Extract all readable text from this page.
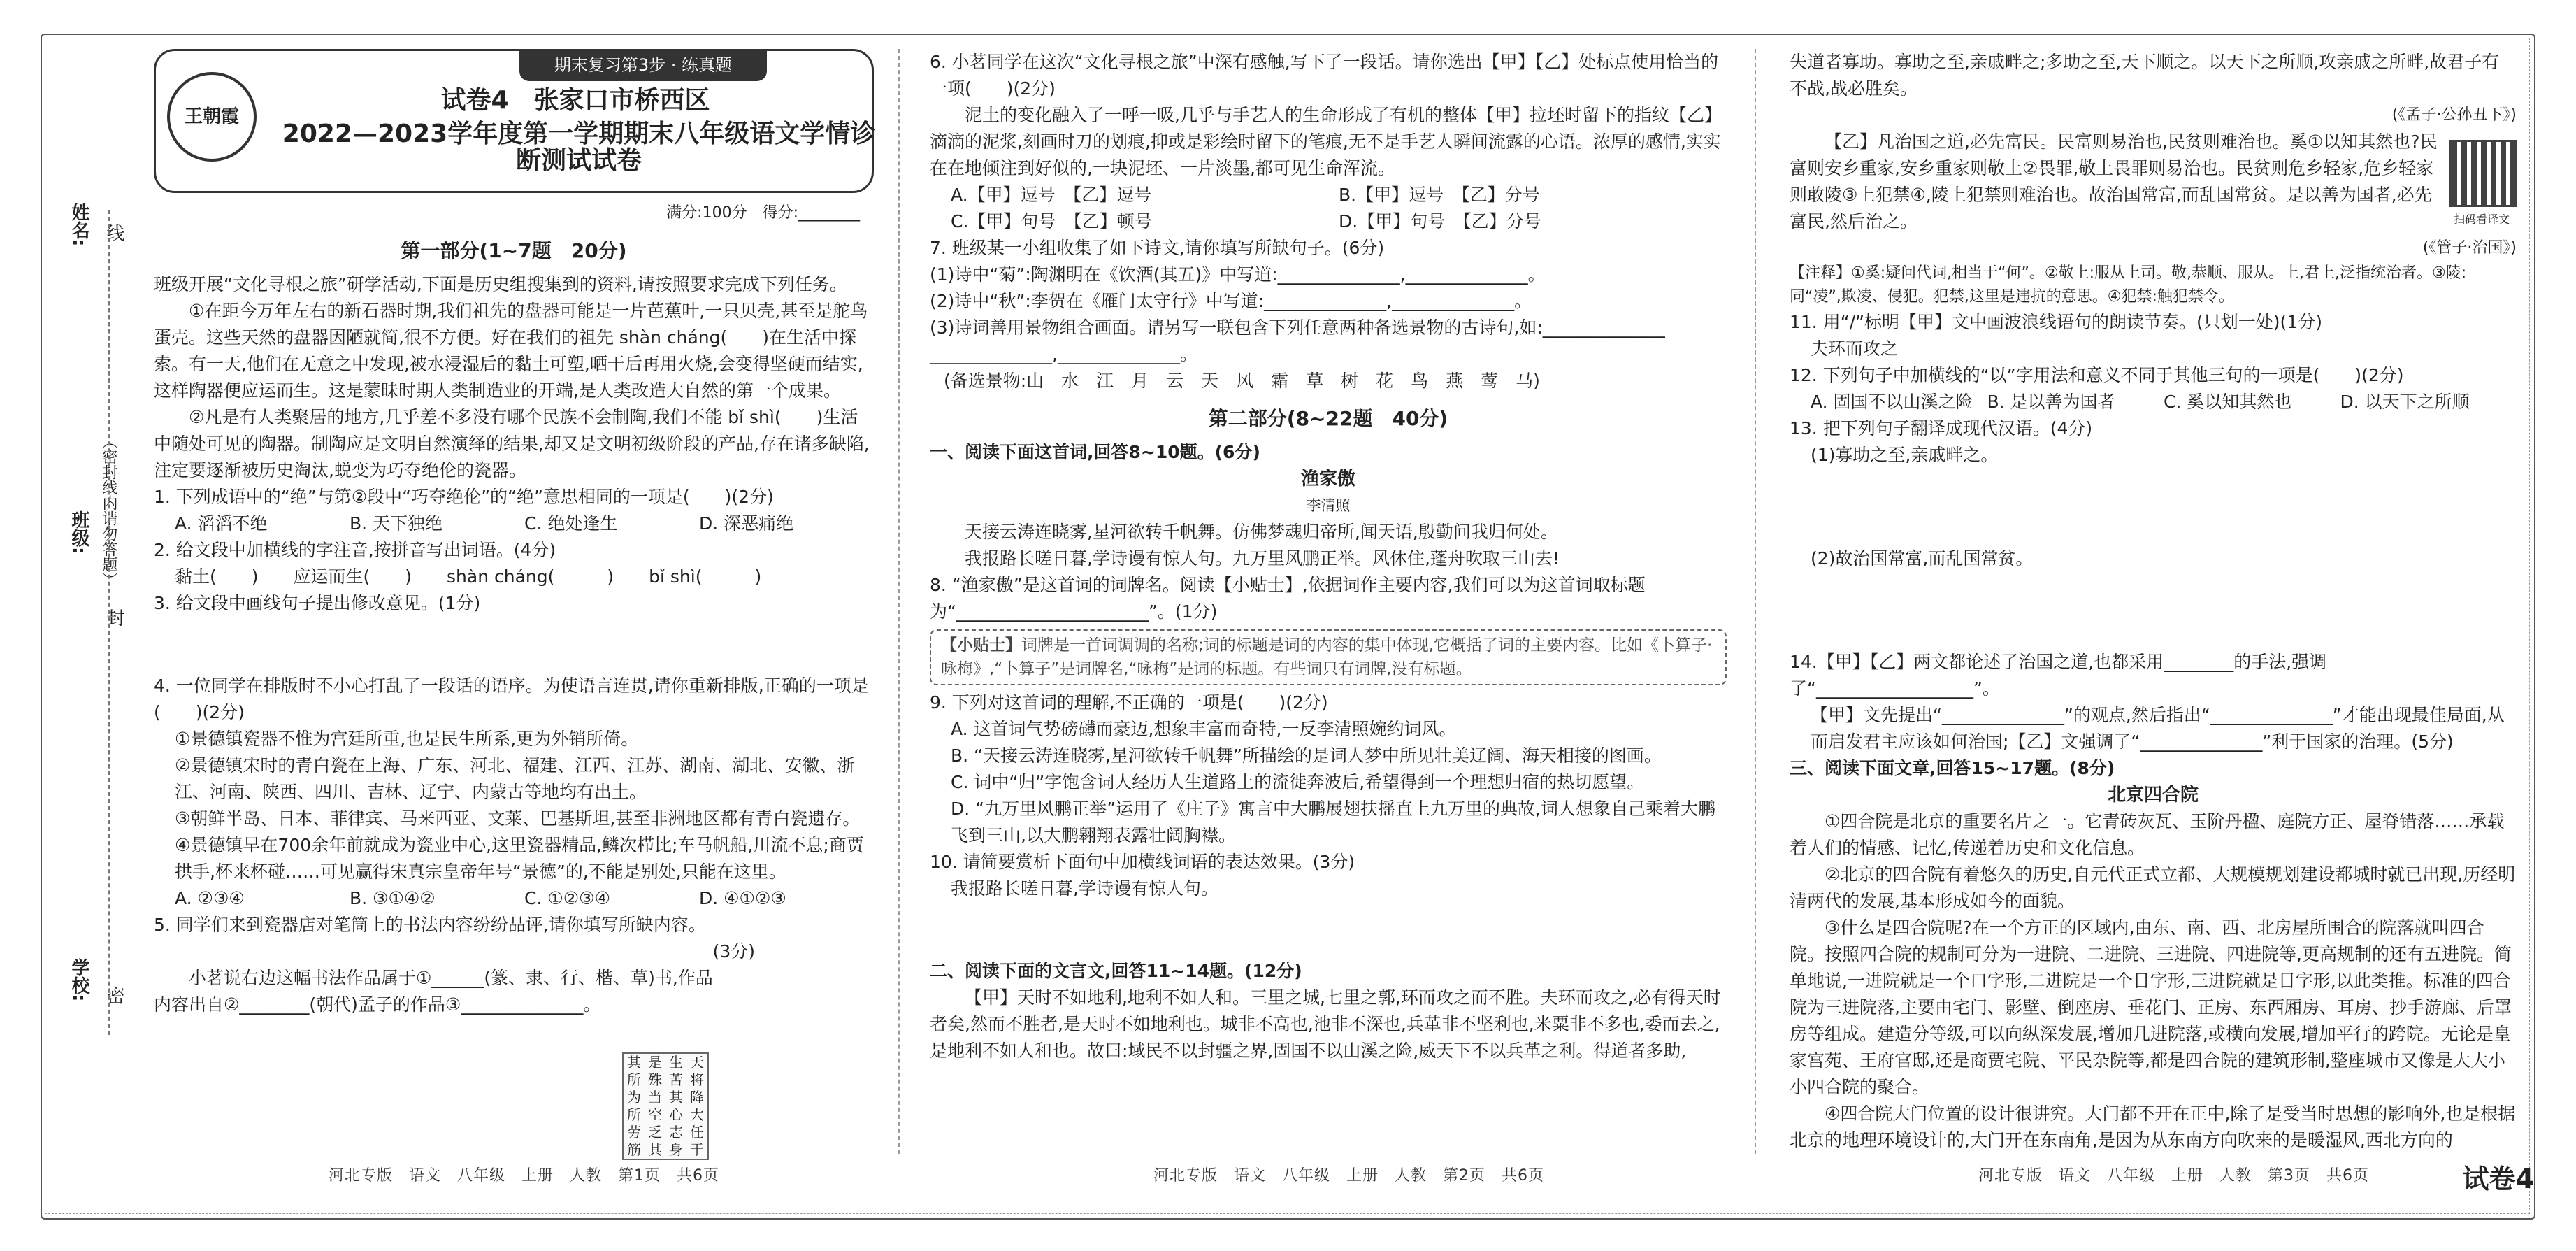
姓名:
班级:
学校:
线
（密封线内请勿答题）
封
密
期末复习第3步 · 练真题
王朝霞
试卷4　张家口市桥西区
2022—2023学年度第一学期期末八年级语文学情诊断测试试卷
满分:100分　得分:________
第一部分(1~7题　20分)

班级开展“文化寻根之旅”研学活动,下面是历史组搜集到的资料,请按照要求完成下列任务。

①在距今万年左右的新石器时期,我们祖先的盘器可能是一片芭蕉叶,一只贝壳,甚至是舵鸟蛋壳。这些天然的盘器因陋就简,很不方便。好在我们的祖先 shàn cháng(　　)在生活中探索。有一天,他们在无意之中发现,被水浸湿后的黏土可塑,晒干后再用火烧,会变得坚硬而结实,这样陶器便应运而生。这是蒙昧时期人类制造业的开端,是人类改造大自然的第一个成果。

②凡是有人类聚居的地方,几乎差不多没有哪个民族不会制陶,我们不能 bǐ shì(　　)生活中随处可见的陶器。制陶应是文明自然演绎的结果,却又是文明初级阶段的产品,存在诸多缺陷,注定要逐渐被历史淘汰,蜕变为巧夺绝伦的瓷器。

1. 下列成语中的“绝”与第②段中“巧夺绝伦”的“绝”意思相同的一项是(　　)(2分)

A. 滔滔不绝	B. 天下独绝	C. 绝处逢生	D. 深恶痛绝

2. 给文段中加横线的字注音,按拼音写出词语。(4分)

黏土(　　)　　应运而生(　　)　　shàn cháng(　　　)　　bǐ shì(　　　)

3. 给文段中画线句子提出修改意见。(1分)

4. 一位同学在排版时不小心打乱了一段话的语序。为使语言连贯,请你重新排版,正确的一项是(　　)(2分)

①景德镇瓷器不惟为宫廷所重,也是民生所系,更为外销所倚。

②景德镇宋时的青白瓷在上海、广东、河北、福建、江西、江苏、湖南、湖北、安徽、浙江、河南、陕西、四川、吉林、辽宁、内蒙古等地均有出土。

③朝鲜半岛、日本、菲律宾、马来西亚、文莱、巴基斯坦,甚至非洲地区都有青白瓷遗存。

④景德镇早在700余年前就成为瓷业中心,这里瓷器精品,鳞次栉比;车马帆船,川流不息;商贾拱手,杯来杯碰……可见赢得宋真宗皇帝年号“景德”的,不能是别处,只能在这里。

A. ②③④	B. ③①④②	C. ①②③④	D. ④①②③

5. 同学们来到瓷器店对笔筒上的书法内容纷纷品评,请你填写所缺内容。

(3分)

小茗说右边这幅书法作品属于①______(篆、隶、行、楷、草)书,作品

内容出自②________(朝代)孟子的作品③______________。

其 是 生 天
所 殊 苦 将
为 当 其 降
所 空 心 大
劳 乏 志 任
筋 其 身 于

6. 小茗同学在这次“文化寻根之旅”中深有感触,写下了一段话。请你选出【甲】【乙】处标点使用恰当的一项(　　)(2分)

泥土的变化融入了一呼一吸,几乎与手艺人的生命形成了有机的整体【甲】拉坯时留下的指纹【乙】滴滴的泥浆,刻画时刀的划痕,抑或是彩绘时留下的笔痕,无不是手艺人瞬间流露的心语。浓厚的感情,实实在在地倾注到好似的,一块泥坯、一片淡墨,都可见生命浑流。

A.【甲】逗号　【乙】逗号	B.【甲】逗号　【乙】分号
C.【甲】句号　【乙】顿号	D.【甲】句号　【乙】分号

7. 班级某一小组收集了如下诗文,请你填写所缺句子。(6分)

(1)诗中“菊”:陶渊明在《饮酒(其五)》中写道:______________,______________。

(2)诗中“秋”:李贺在《雁门太守行》中写道:______________,______________。

(3)诗词善用景物组合画面。请另写一联包含下列任意两种备选景物的古诗句,如:______________

______________,______________。

(备选景物:山　水　江　月　云　天　风　霜　草　树　花　鸟　燕　莺　马)

第二部分(8~22题　40分)

一、阅读下面这首词,回答8~10题。(6分)

渔家傲
李清照

天接云涛连晓雾,星河欲转千帆舞。仿佛梦魂归帝所,闻天语,殷勤问我归何处。

我报路长嗟日暮,学诗谩有惊人句。九万里风鹏正举。风休住,蓬舟吹取三山去!

8. “渔家傲”是这首词的词牌名。阅读【小贴士】,依据词作主要内容,我们可以为这首词取标题为“______________________”。(1分)

【小贴士】词牌是一首词调调的名称;词的标题是词的内容的集中体现,它概括了词的主要内容。比如《卜算子·咏梅》,“卜算子”是词牌名,“咏梅”是词的标题。有些词只有词牌,没有标题。

9. 下列对这首词的理解,不正确的一项是(　　)(2分)

A. 这首词气势磅礴而豪迈,想象丰富而奇特,一反李清照婉约词风。

B. “天接云涛连晓雾,星河欲转千帆舞”所描绘的是词人梦中所见壮美辽阔、海天相接的图画。

C. 词中“归”字饱含词人经历人生道路上的流徙奔波后,希望得到一个理想归宿的热切愿望。

D. “九万里风鹏正举”运用了《庄子》寓言中大鹏展翅扶摇直上九万里的典故,词人想象自己乘着大鹏飞到三山,以大鹏翱翔表露壮阔胸襟。

10. 请简要赏析下面句中加横线词语的表达效果。(3分)

我报路长嗟日暮,学诗谩有惊人句。

二、阅读下面的文言文,回答11~14题。(12分)

【甲】天时不如地利,地利不如人和。三里之城,七里之郭,环而攻之而不胜。夫环而攻之,必有得天时者矣,然而不胜者,是天时不如地利也。城非不高也,池非不深也,兵革非不坚利也,米粟非不多也,委而去之,是地利不如人和也。故曰:域民不以封疆之界,固国不以山溪之险,威天下不以兵革之利。得道者多助,

失道者寡助。寡助之至,亲戚畔之;多助之至,天下顺之。以天下之所顺,攻亲戚之所畔,故君子有不战,战必胜矣。

(《孟子·公孙丑下》)

【乙】凡治国之道,必先富民。民富则易治也,民贫则难治也。奚①以知其然也?民富则安乡重家,安乡重家则敬上②畏罪,敬上畏罪则易治也。民贫则危乡轻家,危乡轻家则敢陵③上犯禁④,陵上犯禁则难治也。故治国常富,而乱国常贫。是以善为国者,必先富民,然后治之。

(《管子·治国》)

【注释】①奚:疑问代词,相当于“何”。②敬上:服从上司。敬,恭顺、服从。上,君上,泛指统治者。③陵:同“凌”,欺凌、侵犯。犯禁,这里是违抗的意思。④犯禁:触犯禁令。

11. 用“/”标明【甲】文中画波浪线语句的朗读节奏。(只划一处)(1分)

夫环而攻之

12. 下列句子中加横线的“以”字用法和意义不同于其他三句的一项是(　　)(2分)

A. 固国不以山溪之险 B. 是以善为国者	C. 奚以知其然也	D. 以天下之所顺

13. 把下列句子翻译成现代汉语。(4分)

(1)寡助之至,亲戚畔之。

(2)故治国常富,而乱国常贫。

14.【甲】【乙】两文都论述了治国之道,也都采用________的手法,强调了“__________________”。

【甲】文先提出“______________”的观点,然后指出“______________”才能出现最佳局面,从而启发君主应该如何治国;【乙】文强调了“______________”利于国家的治理。(5分)

三、阅读下面文章,回答15~17题。(8分)

北京四合院

①四合院是北京的重要名片之一。它青砖灰瓦、玉阶丹楹、庭院方正、屋脊错落……承载着人们的情感、记忆,传递着历史和文化信息。

②北京的四合院有着悠久的历史,自元代正式立都、大规模规划建设都城时就已出现,历经明清两代的发展,基本形成如今的面貌。

③什么是四合院呢?在一个方正的区域内,由东、南、西、北房屋所围合的院落就叫四合院。按照四合院的规制可分为一进院、二进院、三进院、四进院等,更高规制的还有五进院。简单地说,一进院就是一个口字形,二进院是一个日字形,三进院就是目字形,以此类推。标准的四合院为三进院落,主要由宅门、影壁、倒座房、垂花门、正房、东西厢房、耳房、抄手游廊、后罩房等组成。建造分等级,可以向纵深发展,增加几进院落,或横向发展,增加平行的跨院。无论是皇家宫苑、王府官邸,还是商贾宅院、平民杂院等,都是四合院的建筑形制,整座城市又像是大大小小四合院的聚合。

④四合院大门位置的设计很讲究。大门都不开在正中,除了是受当时思想的影响外,也是根据北京的地理环境设计的,大门开在东南角,是因为从东南方向吹来的是暖湿风,西北方向的

扫码看译文
河北专版　语文　八年级　上册　人教　第1页　共6页	河北专版　语文　八年级　上册　人教　第2页　共6页	河北专版　语文　八年级　上册　人教　第3页　共6页	试卷4
